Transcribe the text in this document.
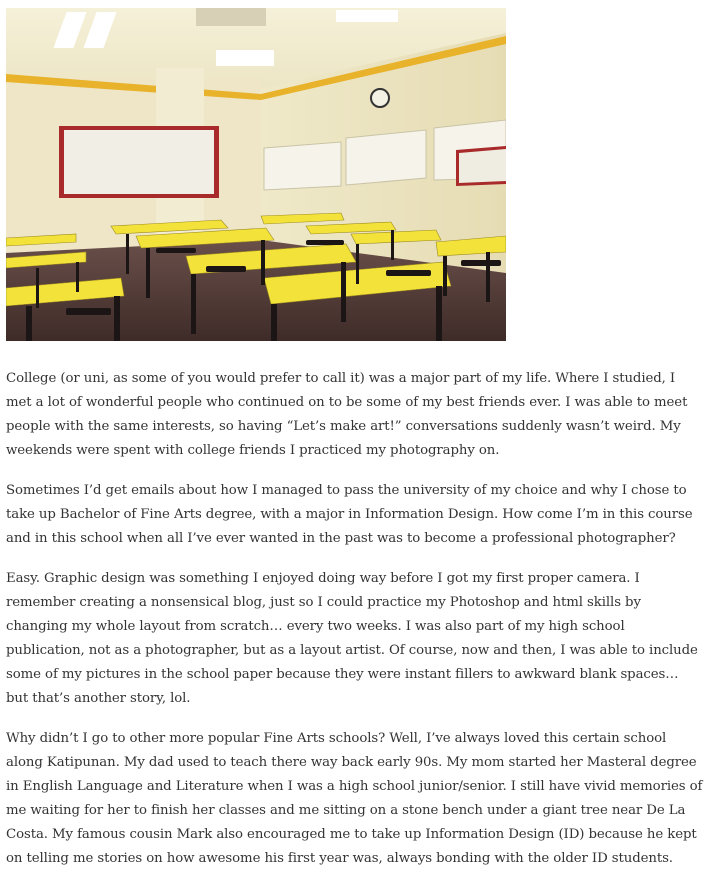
College (or uni, as some of you would prefer to call it) was a major part of my life. Where I studied, I met a lot of wonderful people who continued on to be some of my best friends ever. I was able to meet people with the same interests, so having “Let’s make art!” conversations suddenly wasn’t weird. My weekends were spent with college friends I practiced my photography on.

Sometimes I’d get emails about how I managed to pass the university of my choice and why I chose to take up Bachelor of Fine Arts degree, with a major in Information Design. How come I’m in this course and in this school when all I’ve ever wanted in the past was to become a professional photographer?

Easy. Graphic design was something I enjoyed doing way before I got my first proper camera. I remember creating a nonsensical blog, just so I could practice my Photoshop and html skills by changing my whole layout from scratch… every two weeks. I was also part of my high school publication, not as a photographer, but as a layout artist. Of course, now and then, I was able to include some of my pictures in the school paper because they were instant fillers to awkward blank spaces… but that’s another story, lol.

Why didn’t I go to other more popular Fine Arts schools? Well, I’ve always loved this certain school along Katipunan. My dad used to teach there way back early 90s. My mom started her Masteral degree in English Language and Literature when I was a high school junior/senior. I still have vivid memories of me waiting for her to finish her classes and me sitting on a stone bench under a giant tree near De La Costa. My famous cousin Mark also encouraged me to take up Information Design (ID) because he kept on telling me stories on how awesome his first year was, always bonding with the older ID students.
